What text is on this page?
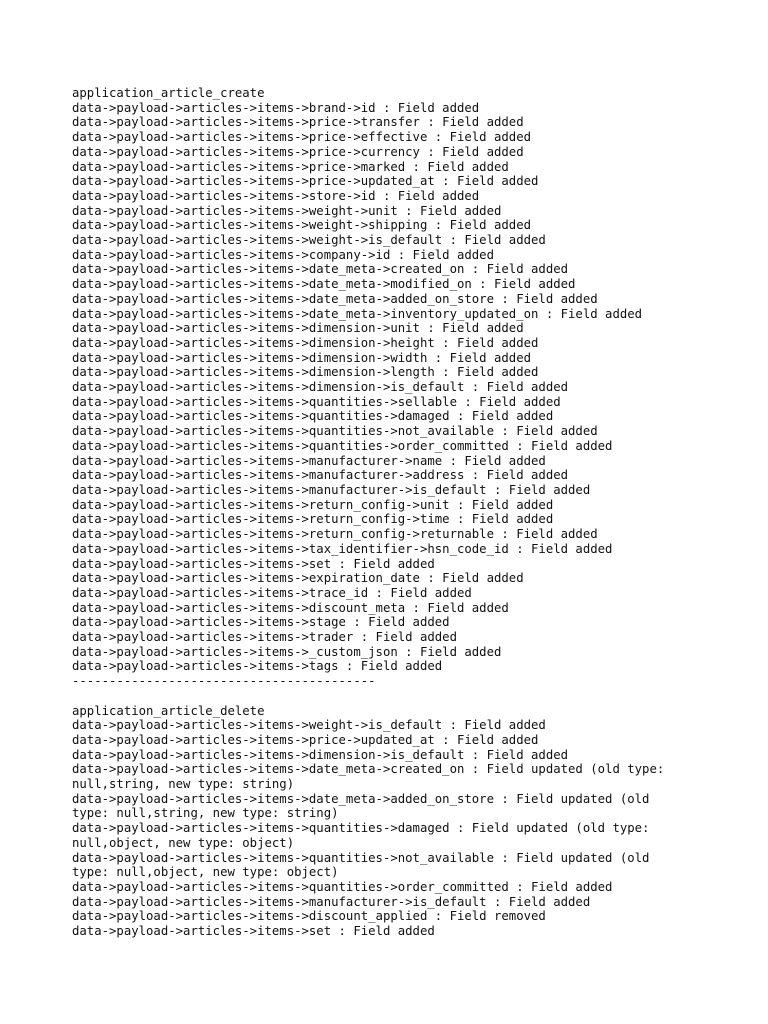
application_article_create
data->payload->articles->items->brand->id : Field added
data->payload->articles->items->price->transfer : Field added
data->payload->articles->items->price->effective : Field added
data->payload->articles->items->price->currency : Field added
data->payload->articles->items->price->marked : Field added
data->payload->articles->items->price->updated_at : Field added
data->payload->articles->items->store->id : Field added
data->payload->articles->items->weight->unit : Field added
data->payload->articles->items->weight->shipping : Field added
data->payload->articles->items->weight->is_default : Field added
data->payload->articles->items->company->id : Field added
data->payload->articles->items->date_meta->created_on : Field added
data->payload->articles->items->date_meta->modified_on : Field added
data->payload->articles->items->date_meta->added_on_store : Field added
data->payload->articles->items->date_meta->inventory_updated_on : Field added
data->payload->articles->items->dimension->unit : Field added
data->payload->articles->items->dimension->height : Field added
data->payload->articles->items->dimension->width : Field added
data->payload->articles->items->dimension->length : Field added
data->payload->articles->items->dimension->is_default : Field added
data->payload->articles->items->quantities->sellable : Field added
data->payload->articles->items->quantities->damaged : Field added
data->payload->articles->items->quantities->not_available : Field added
data->payload->articles->items->quantities->order_committed : Field added
data->payload->articles->items->manufacturer->name : Field added
data->payload->articles->items->manufacturer->address : Field added
data->payload->articles->items->manufacturer->is_default : Field added
data->payload->articles->items->return_config->unit : Field added
data->payload->articles->items->return_config->time : Field added
data->payload->articles->items->return_config->returnable : Field added
data->payload->articles->items->tax_identifier->hsn_code_id : Field added
data->payload->articles->items->set : Field added
data->payload->articles->items->expiration_date : Field added
data->payload->articles->items->trace_id : Field added
data->payload->articles->items->discount_meta : Field added
data->payload->articles->items->stage : Field added
data->payload->articles->items->trader : Field added
data->payload->articles->items->_custom_json : Field added
data->payload->articles->items->tags : Field added
-----------------------------------------
application_article_delete
data->payload->articles->items->weight->is_default : Field added
data->payload->articles->items->price->updated_at : Field added
data->payload->articles->items->dimension->is_default : Field added
data->payload->articles->items->date_meta->created_on : Field updated (old type:
null,string, new type: string)
data->payload->articles->items->date_meta->added_on_store : Field updated (old
type: null,string, new type: string)
data->payload->articles->items->quantities->damaged : Field updated (old type:
null,object, new type: object)
data->payload->articles->items->quantities->not_available : Field updated (old
type: null,object, new type: object)
data->payload->articles->items->quantities->order_committed : Field added
data->payload->articles->items->manufacturer->is_default : Field added
data->payload->articles->items->discount_applied : Field removed
data->payload->articles->items->set : Field added
